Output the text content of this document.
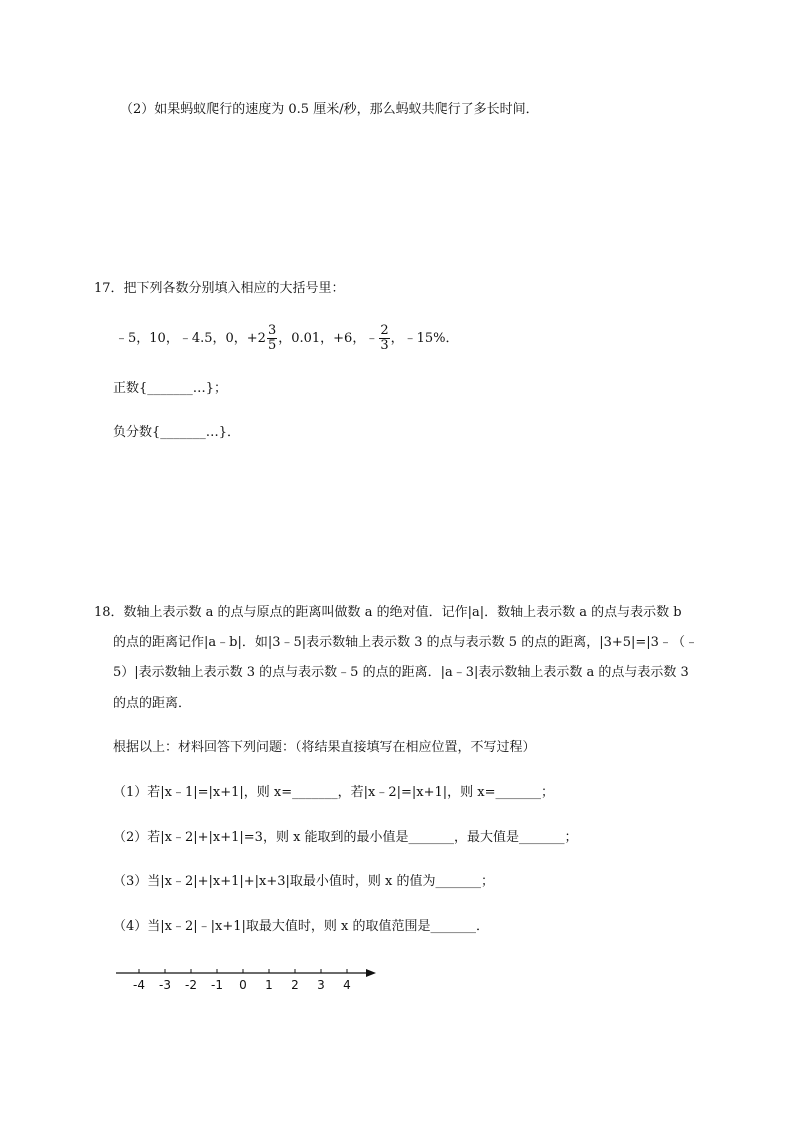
（2）如果蚂蚁爬行的速度为 0.5 厘米/秒，那么蚂蚁共爬行了多长时间．
17．把下列各数分别填入相应的大括号里：
﹣5，10，﹣4.5，0，$+2 \frac{3}{5}$ ，0.01，+6，﹣ $\frac{2}{3}$ ，﹣15%．
正数{_______…}；
负分数{_______…}．
18．数轴上表示数 a 的点与原点的距离叫做数 a 的绝对值．记作|a|．数轴上表示数 a 的点与表示数 b
的点的距离记作|a﹣b|．如|3﹣5|表示数轴上表示数 3 的点与表示数 5 的点的距离，|3+5|=|3﹣（﹣
5）|表示数轴上表示数 3 的点与表示数﹣5 的点的距离．|a﹣3|表示数轴上表示数 a 的点与表示数 3
的点的距离．
根据以上：材料回答下列问题：（将结果直接填写在相应位置，不写过程）
（1）若|x﹣1|=|x+1|，则 x=_______，若|x﹣2|=|x+1|，则 x=_______；
（2）若|x﹣2|+|x+1|=3，则 x 能取到的最小值是_______，最大值是_______；
（3）当|x﹣2|+|x+1|+|x+3|取最小值时，则 x 的值为_______；
（4）当|x﹣2|﹣|x+1|取最大值时，则 x 的取值范围是_______．
-4 -3 -2 -1 0 1 2 3 4
